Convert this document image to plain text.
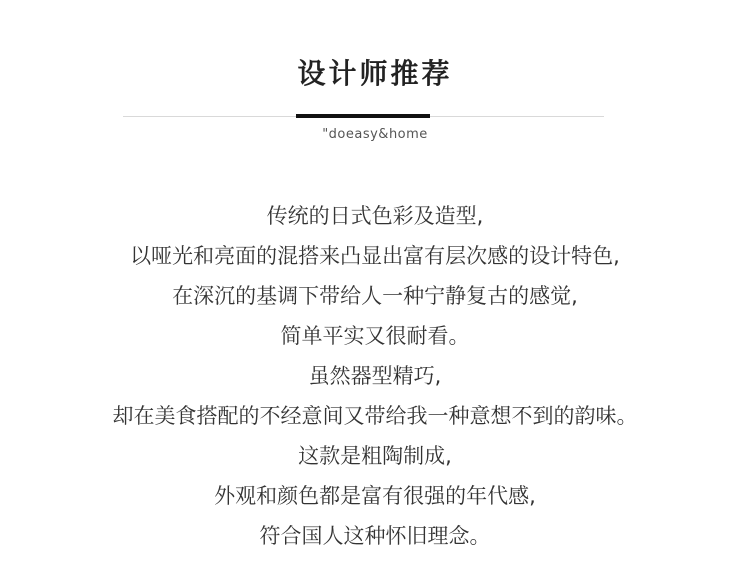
设计师推荐
"doeasy&home
传统的日式色彩及造型,
以哑光和亮面的混搭来凸显出富有层次感的设计特色,
在深沉的基调下带给人一种宁静复古的感觉,
简单平实又很耐看。
虽然器型精巧,
却在美食搭配的不经意间又带给我一种意想不到的韵味。
这款是粗陶制成,
外观和颜色都是富有很强的年代感,
符合国人这种怀旧理念。
